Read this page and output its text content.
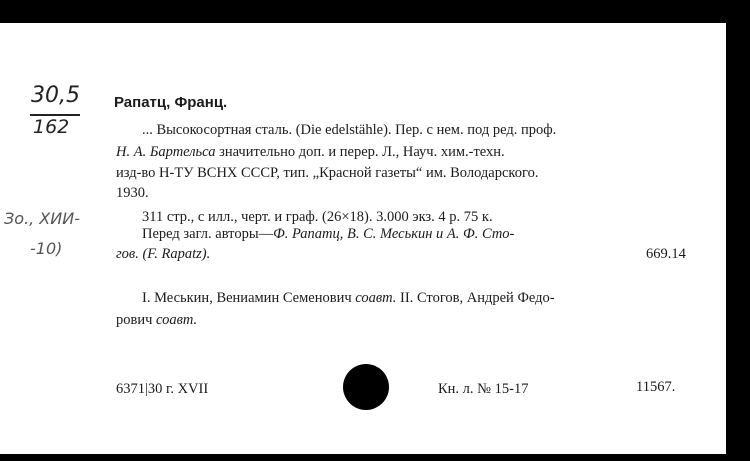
30,5
162
Зо., ХИИ-
-10)
Рапатц, Франц.
... Высокосортная сталь. (Die edelstähle). Пер. с нем. под ред. проф.
Н. А. Бартельса значительно доп. и перер. Л., Науч. хим.-техн.
изд-во Н-ТУ ВСНХ СССР, тип. „Красной газеты“ им. Володарского.
1930.
311 стр., с илл., черт. и граф. (26×18). 3.000 экз. 4 р. 75 к.
Перед загл. авторы—Ф. Рапатц, В. С. Меськин и А. Ф. Сто-
гов. (F. Rapatz).	669.14
I. Меськин, Вениамин Семенович соавт. II. Стогов, Андрей Федо-
рович соавт.
6371|30 г. XVII	Кн. л. № 15-17	11567.
